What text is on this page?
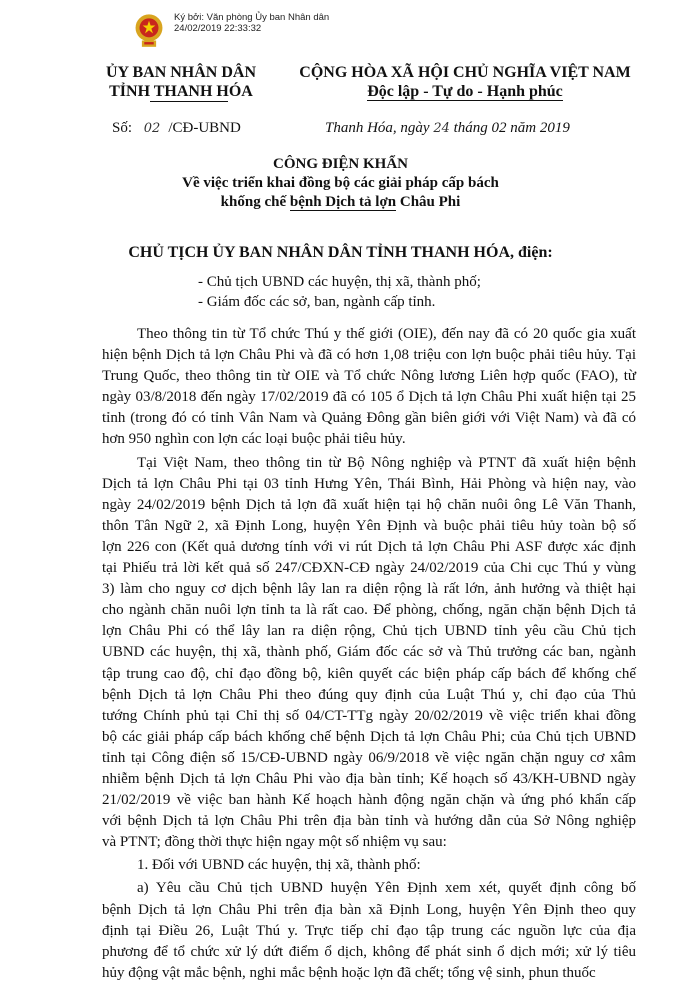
Ký bởi: Văn phòng Ủy ban Nhân dân
24/02/2019 22:33:32
ỦY BAN NHÂN DÂN
TỈNH THANH HÓA
CỘNG HÒA XÃ HỘI CHỦ NGHĨA VIỆT NAM
Độc lập - Tự do - Hạnh phúc
Số: 02 /CĐ-UBND	Thanh Hóa, ngày 24 tháng 02 năm 2019
CÔNG ĐIỆN KHẨN
Về việc triển khai đồng bộ các giải pháp cấp bách
khống chế bệnh Dịch tả lợn Châu Phi
CHỦ TỊCH ỦY BAN NHÂN DÂN TỈNH THANH HÓA, điện:
- Chủ tịch UBND các huyện, thị xã, thành phố;
- Giám đốc các sở, ban, ngành cấp tỉnh.
Theo thông tin từ Tổ chức Thú y thế giới (OIE), đến nay đã có 20 quốc gia xuất
hiện bệnh Dịch tả lợn Châu Phi và đã có hơn 1,08 triệu con lợn buộc phải tiêu hủy. Tại
Trung Quốc, theo thông tin từ OIE và Tổ chức Nông lương Liên hợp quốc (FAO), từ
ngày 03/8/2018 đến ngày 17/02/2019 đã có 105 ổ Dịch tả lợn Châu Phi xuất hiện tại 25
tỉnh (trong đó có tỉnh Vân Nam và Quảng Đông gần biên giới với Việt Nam) và đã có
hơn 950 nghìn con lợn các loại buộc phải tiêu hủy.
Tại Việt Nam, theo thông tin từ Bộ Nông nghiệp và PTNT đã xuất hiện bệnh
Dịch tả lợn Châu Phi tại 03 tỉnh Hưng Yên, Thái Bình, Hải Phòng và hiện nay, vào
ngày 24/02/2019 bệnh Dịch tả lợn đã xuất hiện tại hộ chăn nuôi ông Lê Văn Thanh,
thôn Tân Ngữ 2, xã Định Long, huyện Yên Định và buộc phải tiêu hủy toàn bộ số
lợn 226 con (Kết quả dương tính với vi rút Dịch tả lợn Châu Phi ASF được xác định
tại Phiếu trả lời kết quả số 247/CĐXN-CĐ ngày 24/02/2019 của Chi cục Thú y vùng
3) làm cho nguy cơ dịch bệnh lây lan ra diện rộng là rất lớn, ảnh hưởng và thiệt hại
cho ngành chăn nuôi lợn tỉnh ta là rất cao. Để phòng, chống, ngăn chặn bệnh Dịch tả
lợn Châu Phi có thể lây lan ra diện rộng, Chủ tịch UBND tỉnh yêu cầu Chủ tịch
UBND các huyện, thị xã, thành phố, Giám đốc các sở và Thủ trưởng các ban, ngành
tập trung cao độ, chỉ đạo đồng bộ, kiên quyết các biện pháp cấp bách để khống chế
bệnh Dịch tả lợn Châu Phi theo đúng quy định của Luật Thú y, chỉ đạo của Thủ
tướng Chính phủ tại Chỉ thị số 04/CT-TTg ngày 20/02/2019 về việc triển khai đồng
bộ các giải pháp cấp bách khống chế bệnh Dịch tả lợn Châu Phi; của Chủ tịch UBND
tỉnh tại Công điện số 15/CĐ-UBND ngày 06/9/2018 về việc ngăn chặn nguy cơ xâm
nhiễm bệnh Dịch tả lợn Châu Phi vào địa bàn tỉnh; Kế hoạch số 43/KH-UBND ngày
21/02/2019 về việc ban hành Kế hoạch hành động ngăn chặn và ứng phó khẩn cấp
với bệnh Dịch tả lợn Châu Phi trên địa bàn tỉnh và hướng dẫn của Sở Nông nghiệp
và PTNT; đồng thời thực hiện ngay một số nhiệm vụ sau:
1. Đối với UBND các huyện, thị xã, thành phố:
a) Yêu cầu Chủ tịch UBND huyện Yên Định xem xét, quyết định công bố
bệnh Dịch tả lợn Châu Phi trên địa bàn xã Định Long, huyện Yên Định theo quy
định tại Điều 26, Luật Thú y. Trực tiếp chỉ đạo tập trung các nguồn lực của địa
phương để tổ chức xử lý dứt điểm ổ dịch, không để phát sinh ổ dịch mới; xử lý tiêu
hủy động vật mắc bệnh, nghi mắc bệnh hoặc lợn đã chết; tổng vệ sinh, phun thuốc
